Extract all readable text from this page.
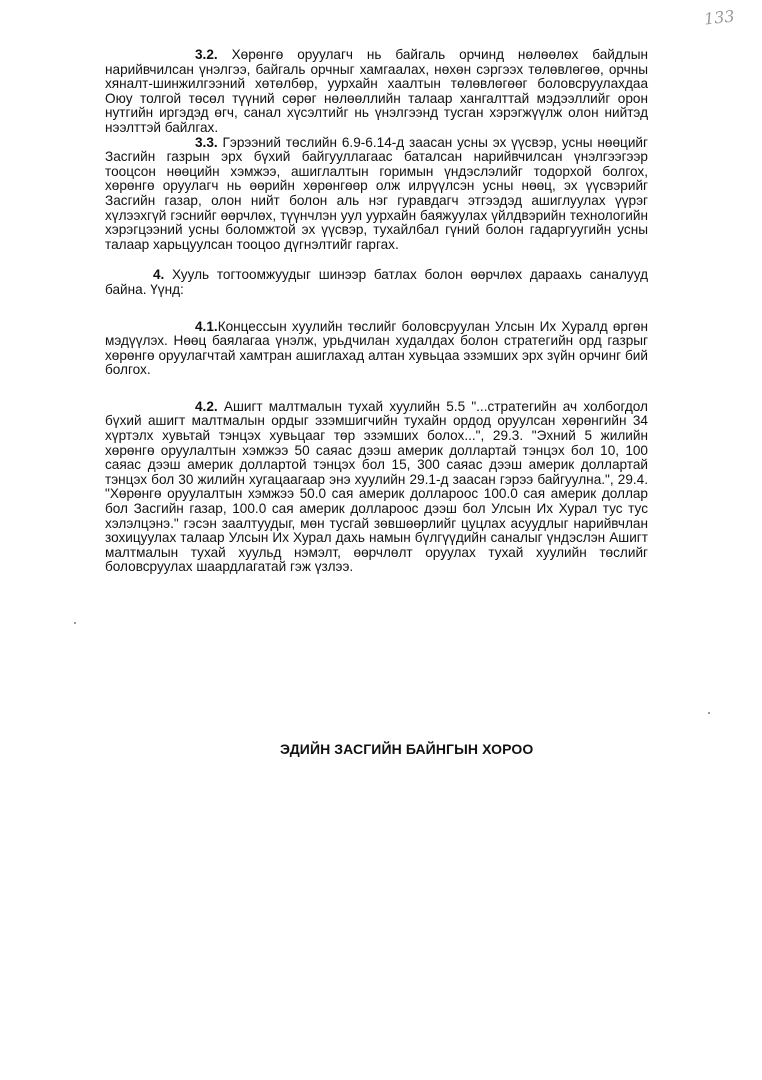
133

3.2. Хөрөнгө оруулагч нь байгаль орчинд нөлөөлөх байдлын нарийвчилсан үнэлгээ, байгаль орчныг хамгаалах, нөхөн сэргээх төлөвлөгөө, орчны хяналт-шинжилгээний хөтөлбөр, уурхайн хаалтын төлөвлөгөөг боловсруулахдаа Оюу толгой төсөл түүний сөрөг нөлөөллийн талаар хангалттай мэдээллийг орон нутгийн иргэдэд өгч, санал хүсэлтийг нь үнэлгээнд тусган хэрэгжүүлж олон нийтэд нээлттэй байлгах.

3.3. Гэрээний төслийн 6.9-6.14-д заасан усны эх үүсвэр, усны нөөцийг Засгийн газрын эрх бүхий байгууллагаас баталсан нарийвчилсан үнэлгээгээр тооцсон нөөцийн хэмжээ, ашиглалтын горимын үндэслэлийг тодорхой болгох, хөрөнгө оруулагч нь өөрийн хөрөнгөөр олж илрүүлсэн усны нөөц, эх үүсвэрийг Засгийн газар, олон нийт болон аль нэг гуравдагч этгээдэд ашиглуулах үүрэг хүлээхгүй гэснийг өөрчлөх, түүнчлэн уул уурхайн баяжуулах үйлдвэрийн технологийн хэрэгцээний усны боломжтой эх үүсвэр, тухайлбал гүний болон гадаргуугийн усны талаар харьцуулсан тооцоо дүгнэлтийг гаргах.

4. Хууль тогтоомжуудыг шинээр батлах болон өөрчлөх дараахь саналууд байна. Үүнд:

4.1.Концессын хуулийн төслийг боловсруулан Улсын Их Хуралд өргөн мэдүүлэх. Нөөц баялагаа үнэлж, урьдчилан худалдах болон стратегийн орд газрыг хөрөнгө оруулагчтай хамтран ашиглахад алтан хувьцаа эзэмших эрх зүйн орчинг бий болгох.

4.2. Ашигт малтмалын тухай хуулийн 5.5 "...стратегийн ач холбогдол бүхий ашигт малтмалын ордыг эзэмшигчийн тухайн ордод оруулсан хөрөнгийн 34 хүртэлх хувьтай тэнцэх хувьцааг төр эзэмших болох...", 29.3. "Эхний 5 жилийн хөрөнгө оруулалтын хэмжээ 50 саяас дээш америк доллартай тэнцэх бол 10, 100 саяас дээш америк доллартой тэнцэх бол 15, 300 саяас дээш америк доллартай тэнцэх бол 30 жилийн хугацаагаар энэ хуулийн 29.1-д заасан гэрээ байгуулна.", 29.4. "Хөрөнгө оруулалтын хэмжээ 50.0 сая америк доллароос 100.0 сая америк доллар бол Засгийн газар, 100.0 сая америк доллароос дээш бол Улсын Их Хурал тус тус хэлэлцэнэ." гэсэн заалтуудыг, мөн тусгай зөвшөөрлийг цуцлах асуудлыг нарийвчлан зохицуулах талаар Улсын Их Хурал дахь намын бүлгүүдийн саналыг үндэслэн Ашигт малтмалын тухай хуульд нэмэлт, өөрчлөлт оруулах тухай хуулийн төслийг боловсруулах шаардлагатай гэж үзлээ.

ЭДИЙН ЗАСГИЙН БАЙНГЫН ХОРОО
